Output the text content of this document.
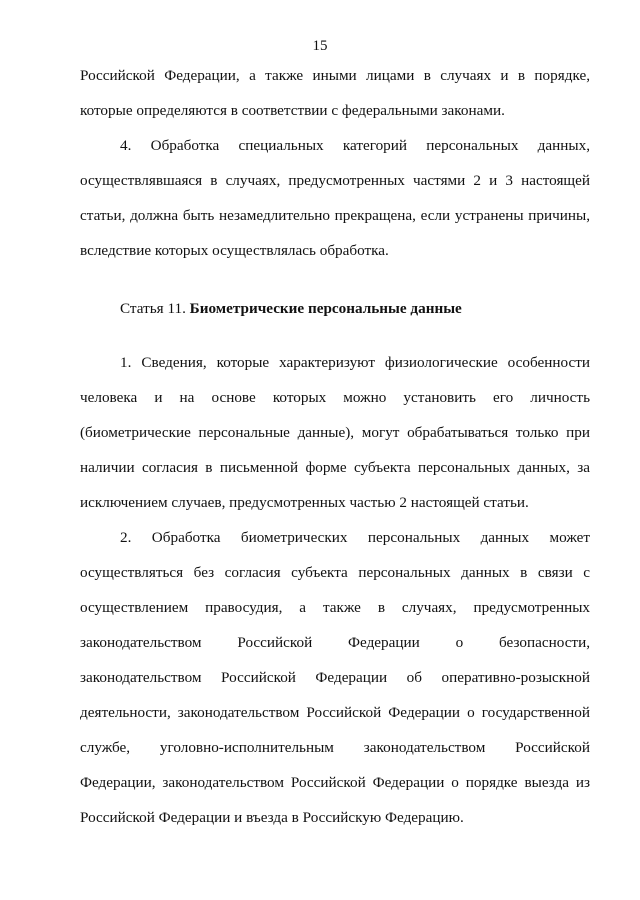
15
Российской Федерации, а также иными лицами в случаях и в порядке,
которые определяются в соответствии с федеральными законами.
4. Обработка специальных категорий персональных данных,
осуществлявшаяся в случаях, предусмотренных частями 2 и 3 настоящей
статьи, должна быть незамедлительно прекращена, если устранены причины,
вследствие которых осуществлялась обработка.
Статья 11. Биометрические персональные данные
1. Сведения, которые характеризуют физиологические особенности
человека и на основе которых можно установить его личность
(биометрические персональные данные), могут обрабатываться только при
наличии согласия в письменной форме субъекта персональных данных, за
исключением случаев, предусмотренных частью 2 настоящей статьи.
2. Обработка биометрических персональных данных может
осуществляться без согласия субъекта персональных данных в связи с
осуществлением правосудия, а также в случаях, предусмотренных
законодательством Российской Федерации о безопасности,
законодательством Российской Федерации об оперативно-розыскной
деятельности, законодательством Российской Федерации о государственной
службе, уголовно-исполнительным законодательством Российской
Федерации, законодательством Российской Федерации о порядке выезда из
Российской Федерации и въезда в Российскую Федерацию.
